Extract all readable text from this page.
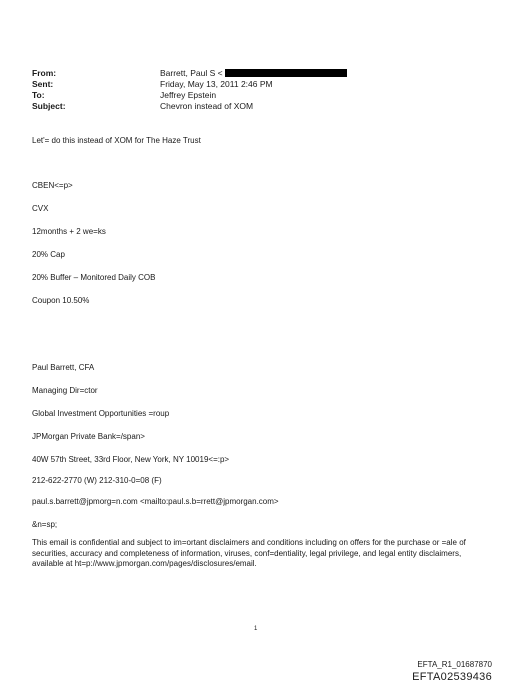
From:	Barrett, Paul S <
Sent:	Friday, May 13, 2011 2:46 PM
To:	Jeffrey Epstein
Subject:	Chevron instead of XOM
Let'= do this instead of XOM for The Haze Trust
CBEN<=p>
CVX
12months + 2 we=ks
20% Cap
20% Buffer – Monitored Daily COB
Coupon 10.50%
Paul Barrett, CFA
Managing Dir=ctor
Global Investment Opportunities =roup
JPMorgan Private Bank=/span>
40W 57th Street, 33rd Floor, New York, NY 10019<=:p>
212-622-2770 (W) 212-310-0=08 (F)
paul.s.barrett@jpmorg=n.com <mailto:paul.s.b=rrett@jpmorgan.com>
&n=sp;
This email is confidential and subject to im=ortant disclaimers and conditions including on offers for the purchase or =ale of securities, accuracy and completeness of information, viruses, conf=dentiality, legal privilege, and legal entity disclaimers, available at ht=p://www.jpmorgan.com/pages/disclosures/email.
1
EFTA_R1_01687870
EFTA02539436
